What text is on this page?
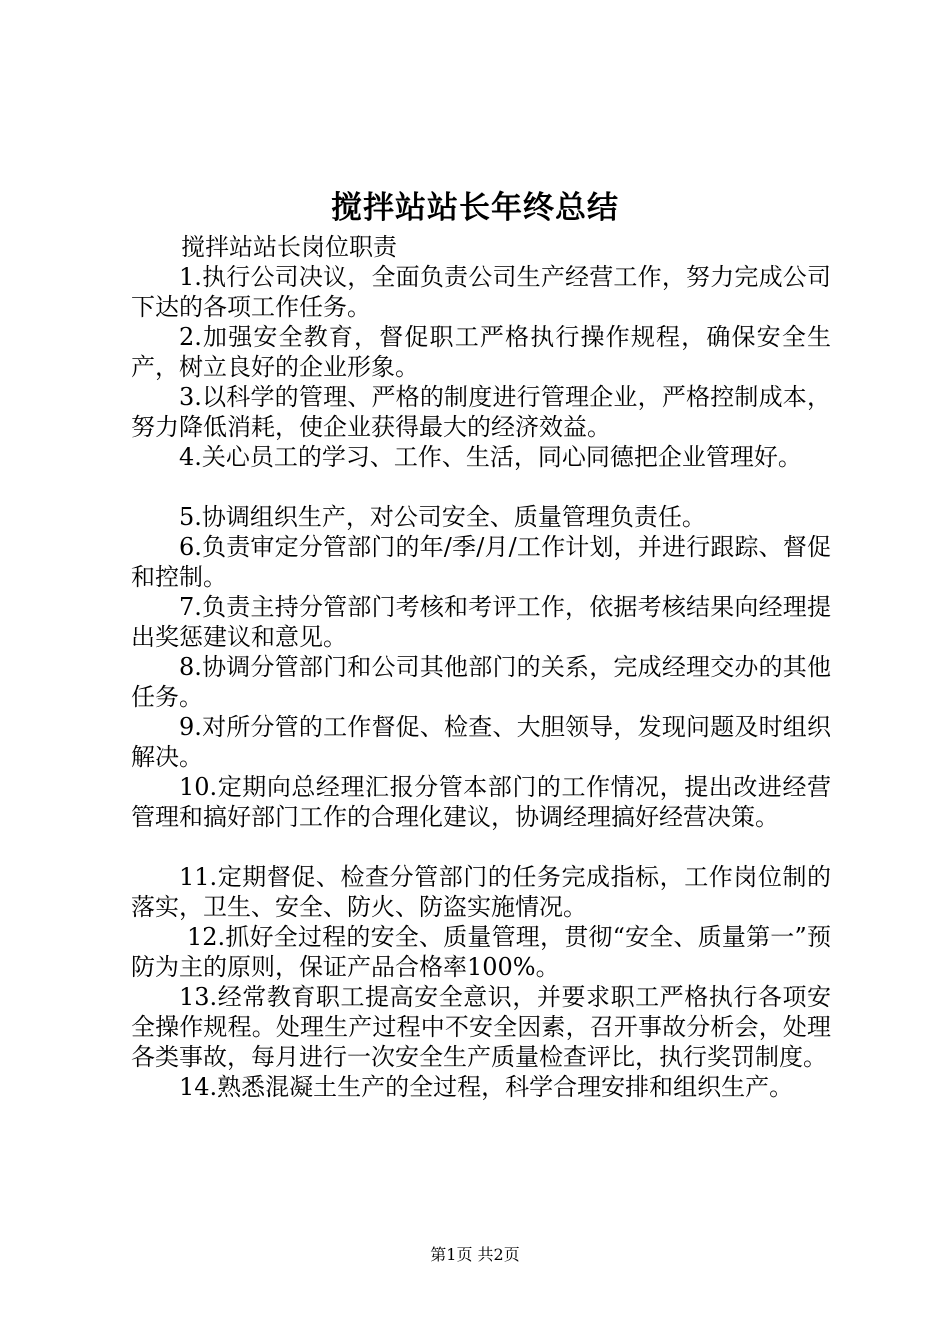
搅拌站站长年终总结

搅拌站站长岗位职责

1.执行公司决议，全面负责公司生产经营工作，努力完成公司下达的各项工作任务。

2.加强安全教育，督促职工严格执行操作规程，确保安全生产，树立良好的企业形象。

3.以科学的管理、严格的制度进行管理企业，严格控制成本，努力降低消耗，使企业获得最大的经济效益。

4.关心员工的学习、工作、生活，同心同德把企业管理好。

5.协调组织生产，对公司安全、质量管理负责任。

6.负责审定分管部门的年/季/月/工作计划，并进行跟踪、督促和控制。

7.负责主持分管部门考核和考评工作，依据考核结果向经理提出奖惩建议和意见。

8.协调分管部门和公司其他部门的关系，完成经理交办的其他任务。

9.对所分管的工作督促、检查、大胆领导，发现问题及时组织解决。

10.定期向总经理汇报分管本部门的工作情况，提出改进经营管理和搞好部门工作的合理化建议，协调经理搞好经营决策。

11.定期督促、检查分管部门的任务完成指标，工作岗位制的落实，卫生、安全、防火、防盗实施情况。

12.抓好全过程的安全、质量管理，贯彻“安全、质量第一”预防为主的原则，保证产品合格率100%。

13.经常教育职工提高安全意识，并要求职工严格执行各项安全操作规程。处理生产过程中不安全因素，召开事故分析会，处理各类事故，每月进行一次安全生产质量检查评比，执行奖罚制度。

14.熟悉混凝土生产的全过程，科学合理安排和组织生产。

第1页 共2页
